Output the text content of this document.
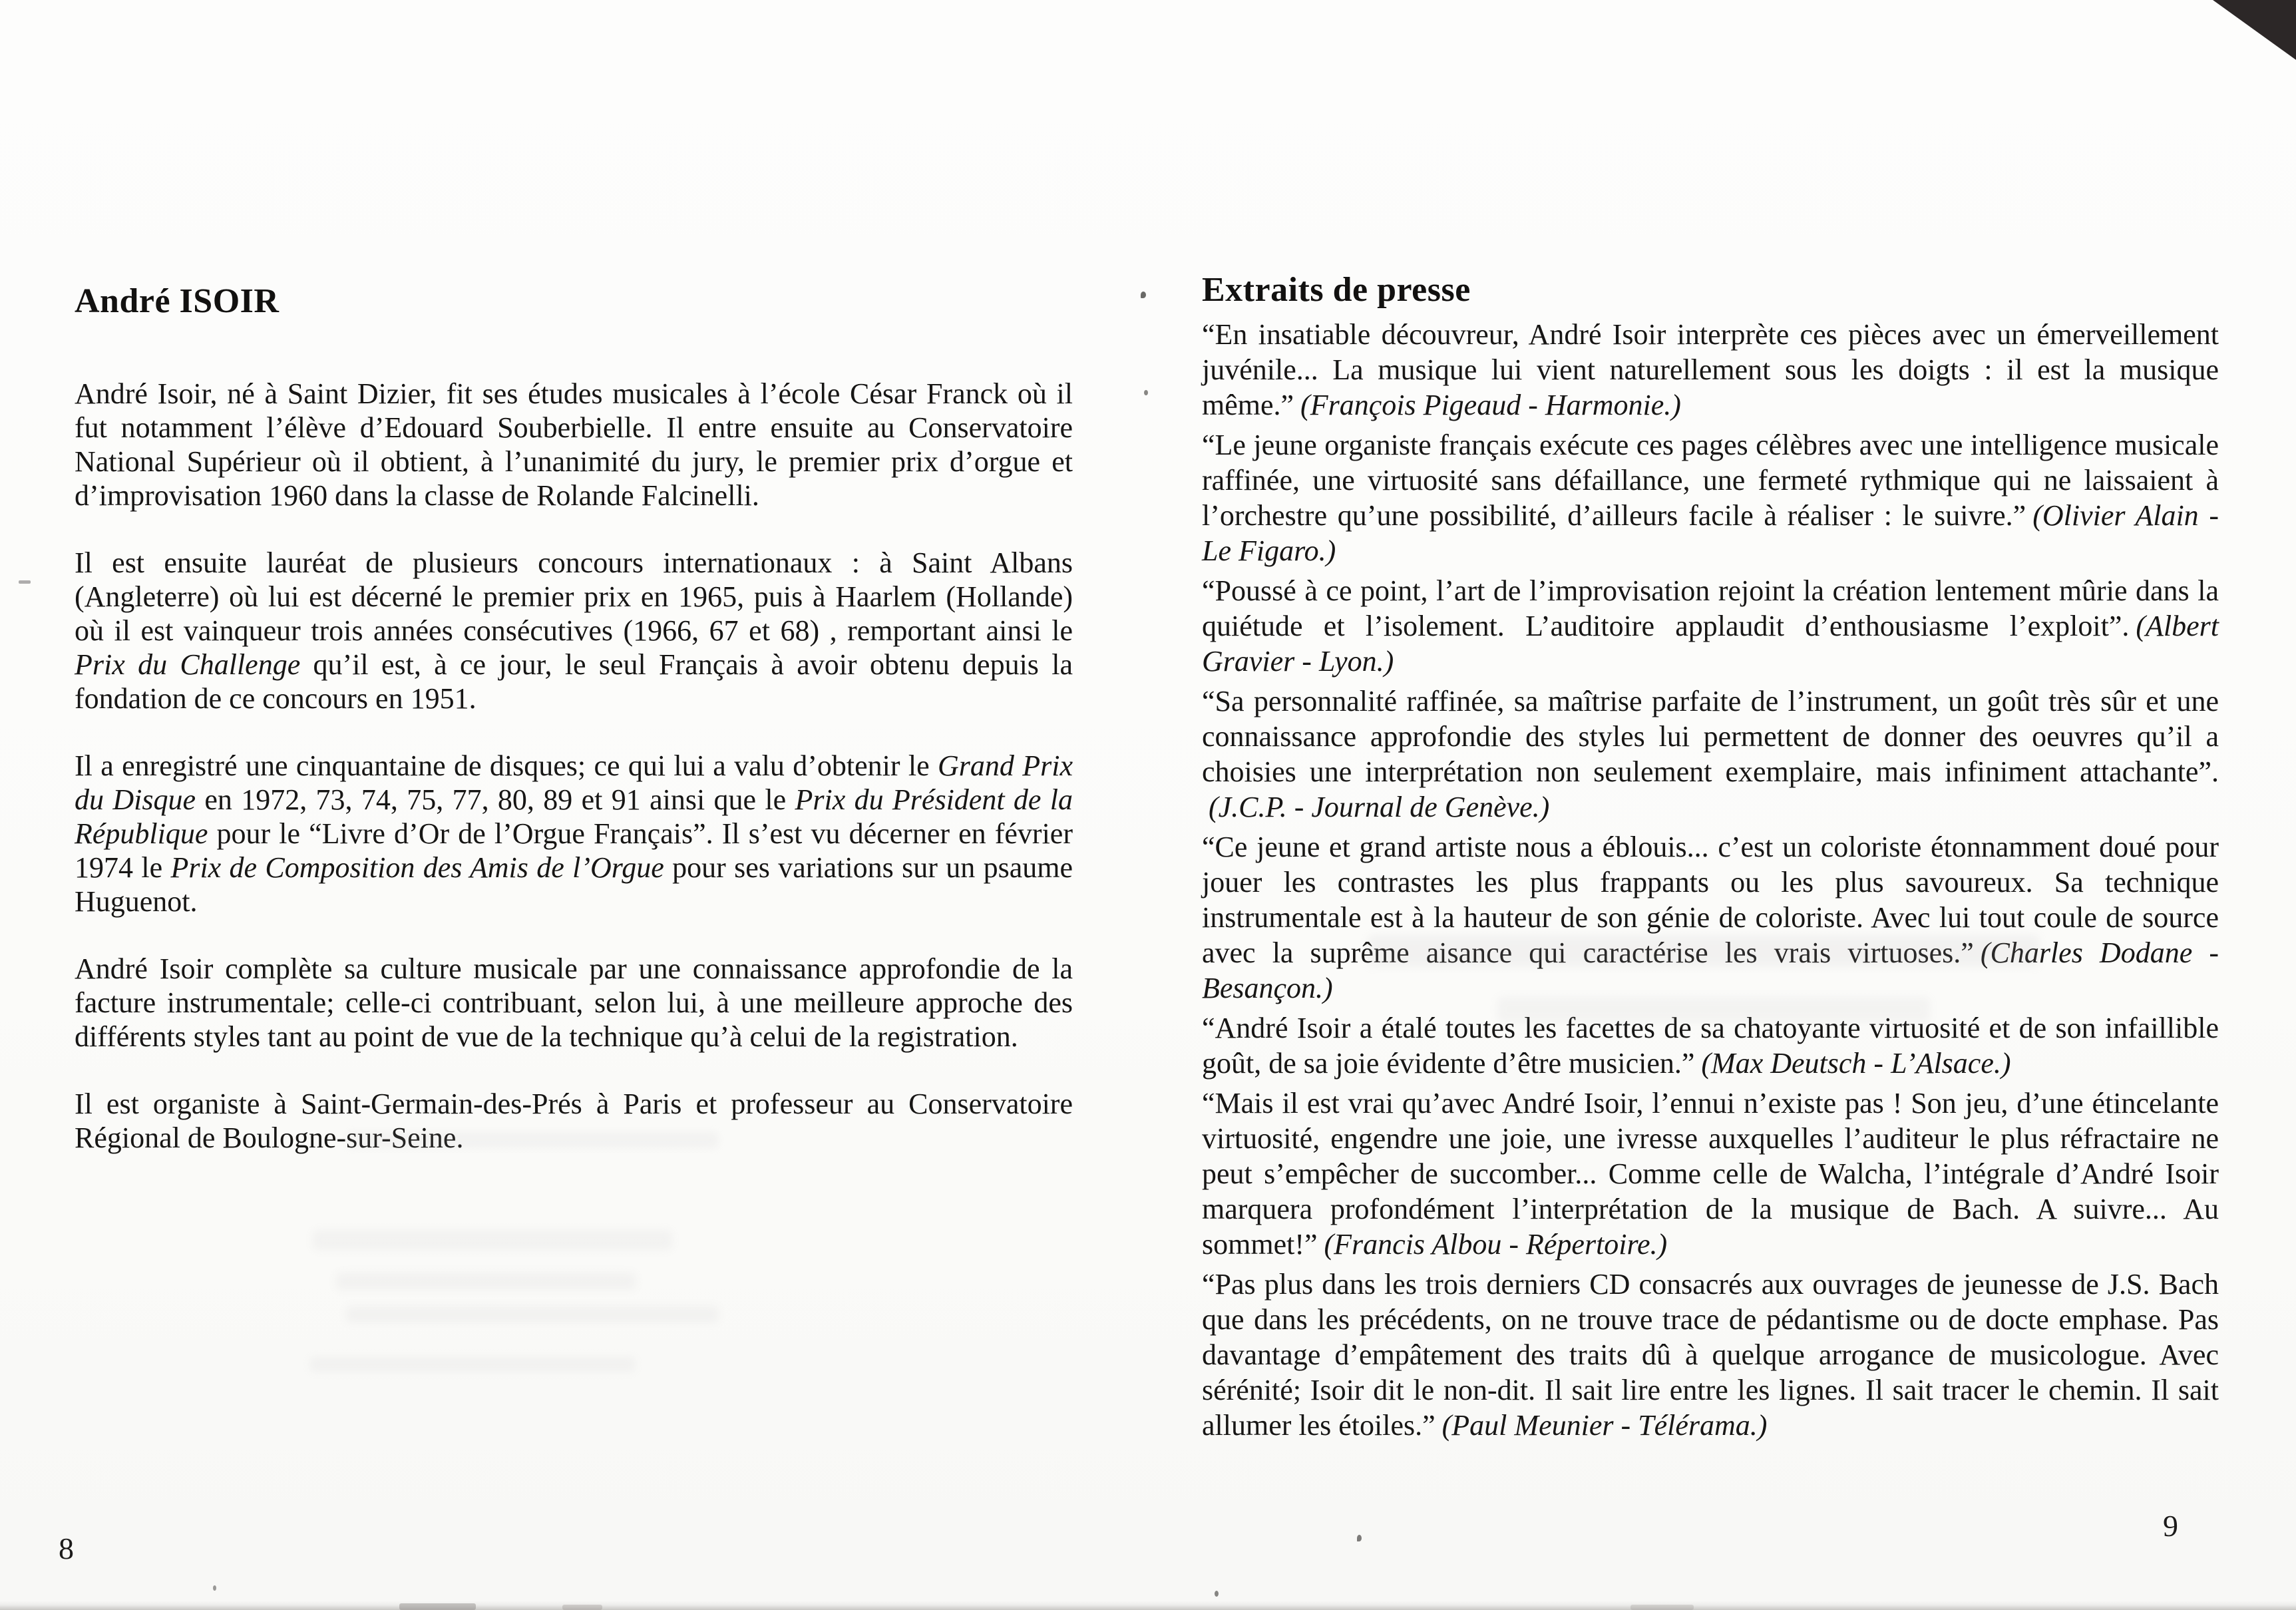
André ISOIR

André Isoir, né à Saint Dizier, fit ses études musicales à l’école César Franck où il fut notamment l’élève d’Edouard Souberbielle. Il entre ensuite au Conservatoire National Supérieur où il obtient, à l’unanimité du jury, le premier prix d’orgue et d’improvisation 1960 dans la classe de Rolande Falcinelli.

Il est ensuite lauréat de plusieurs concours internationaux : à Saint Albans (Angleterre) où lui est décerné le premier prix en 1965, puis à Haarlem (Hollande) où il est vainqueur trois années consécutives (1966, 67 et 68) , remportant ainsi le Prix du Challenge qu’il est, à ce jour, le seul Français à avoir obtenu depuis la fondation de ce concours en 1951.

Il a enregistré une cinquantaine de disques; ce qui lui a valu d’obtenir le Grand Prix du Disque en 1972, 73, 74, 75, 77, 80, 89 et 91 ainsi que le Prix du Président de la République pour le “Livre d’Or de l’Orgue Français”. Il s’est vu décerner en février 1974 le Prix de Composition des Amis de l’Orgue pour ses variations sur un psaume Huguenot.

André Isoir complète sa culture musicale par une connaissance approfondie de la facture instrumentale; celle-ci contribuant, selon lui, à une meilleure approche des différents styles tant au point de vue de la technique qu’à celui de la registration.

Il est organiste à Saint-Germain-des-Prés à Paris et professeur au Conservatoire Régional de Boulogne-sur-Seine.

Extraits de presse

“En insatiable découvreur, André Isoir interprète ces pièces avec un émerveillement juvénile... La musique lui vient naturellement sous les doigts : il est la musique même.” (François Pigeaud - Harmonie.)

“Le jeune organiste français exécute ces pages célèbres avec une intelligence musicale raffinée, une virtuosité sans défaillance, une fermeté rythmique qui ne laissaient à l’orchestre qu’une possibilité, d’ailleurs facile à réaliser : le suivre.” (Olivier Alain - Le Figaro.)

“Poussé à ce point, l’art de l’improvisation rejoint la création lentement mûrie dans la quiétude et l’isolement. L’auditoire applaudit d’enthousiasme l’exploit”. (Albert Gravier - Lyon.)

“Sa personnalité raffinée, sa maîtrise parfaite de l’instrument, un goût très sûr et une connaissance approfondie des styles lui permettent de donner des oeuvres qu’il a choisies une interprétation non seulement exemplaire, mais infiniment attachante”.(J.C.P. - Journal de Genève.)

“Ce jeune et grand artiste nous a éblouis... c’est un coloriste étonnamment doué pour jouer les contrastes les plus frappants ou les plus savoureux. Sa technique instrumentale est à la hauteur de son génie de coloriste. Avec lui tout coule de source avec la suprême aisance qui caractérise les vrais virtuoses.” (Charles Dodane - Besançon.)

“André Isoir a étalé toutes les facettes de sa chatoyante virtuosité et de son infaillible goût, de sa joie évidente d’être musicien.” (Max Deutsch - L’Alsace.)

“Mais il est vrai qu’avec André Isoir, l’ennui n’existe pas ! Son jeu, d’une étincelante virtuosité, engendre une joie, une ivresse auxquelles l’auditeur le plus réfractaire ne peut s’empêcher de succomber... Comme celle de Walcha, l’intégrale d’André Isoir marquera profondément l’interprétation de la musique de Bach. A suivre... Au sommet!” (Francis Albou - Répertoire.)

“Pas plus dans les trois derniers CD consacrés aux ouvrages de jeunesse de J.S. Bach que dans les précédents, on ne trouve trace de pédantisme ou de docte emphase. Pas davantage d’empâtement des traits dû à quelque arrogance de musicologue. Avec sérénité; Isoir dit le non-dit. Il sait lire entre les lignes. Il sait tracer le chemin. Il sait allumer les étoiles.” (Paul Meunier - Télérama.)

8
9
